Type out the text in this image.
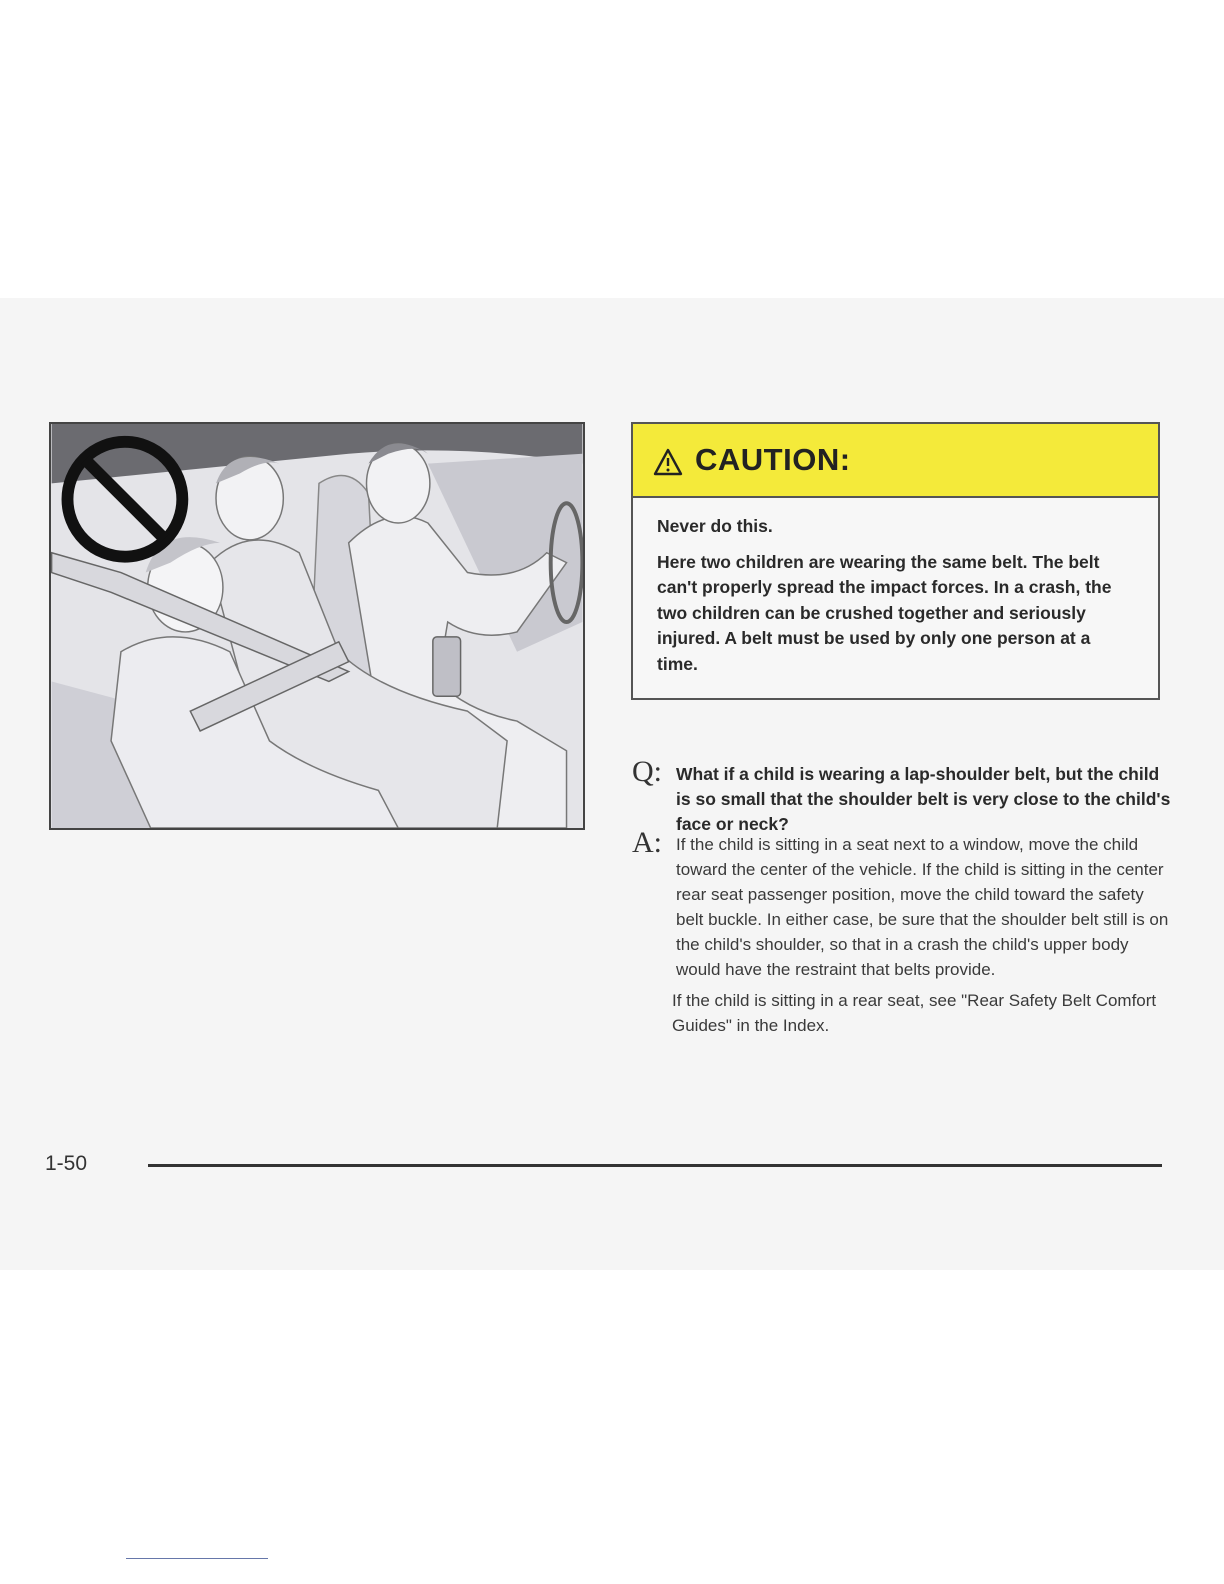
CAUTION:

Never do this.

Here two children are wearing the same belt. The belt can't properly spread the impact forces. In a crash, the two children can be crushed together and seriously injured. A belt must be used by only one person at a time.

Q: What if a child is wearing a lap-shoulder belt, but the child is so small that the shoulder belt is very close to the child's face or neck?
A: If the child is sitting in a seat next to a window, move the child toward the center of the vehicle. If the child is sitting in the center rear seat passenger position, move the child toward the safety belt buckle. In either case, be sure that the shoulder belt still is on the child's shoulder, so that in a crash the child's upper body would have the restraint that belts provide.

If the child is sitting in a rear seat, see "Rear Safety Belt Comfort Guides" in the Index.

1-50
